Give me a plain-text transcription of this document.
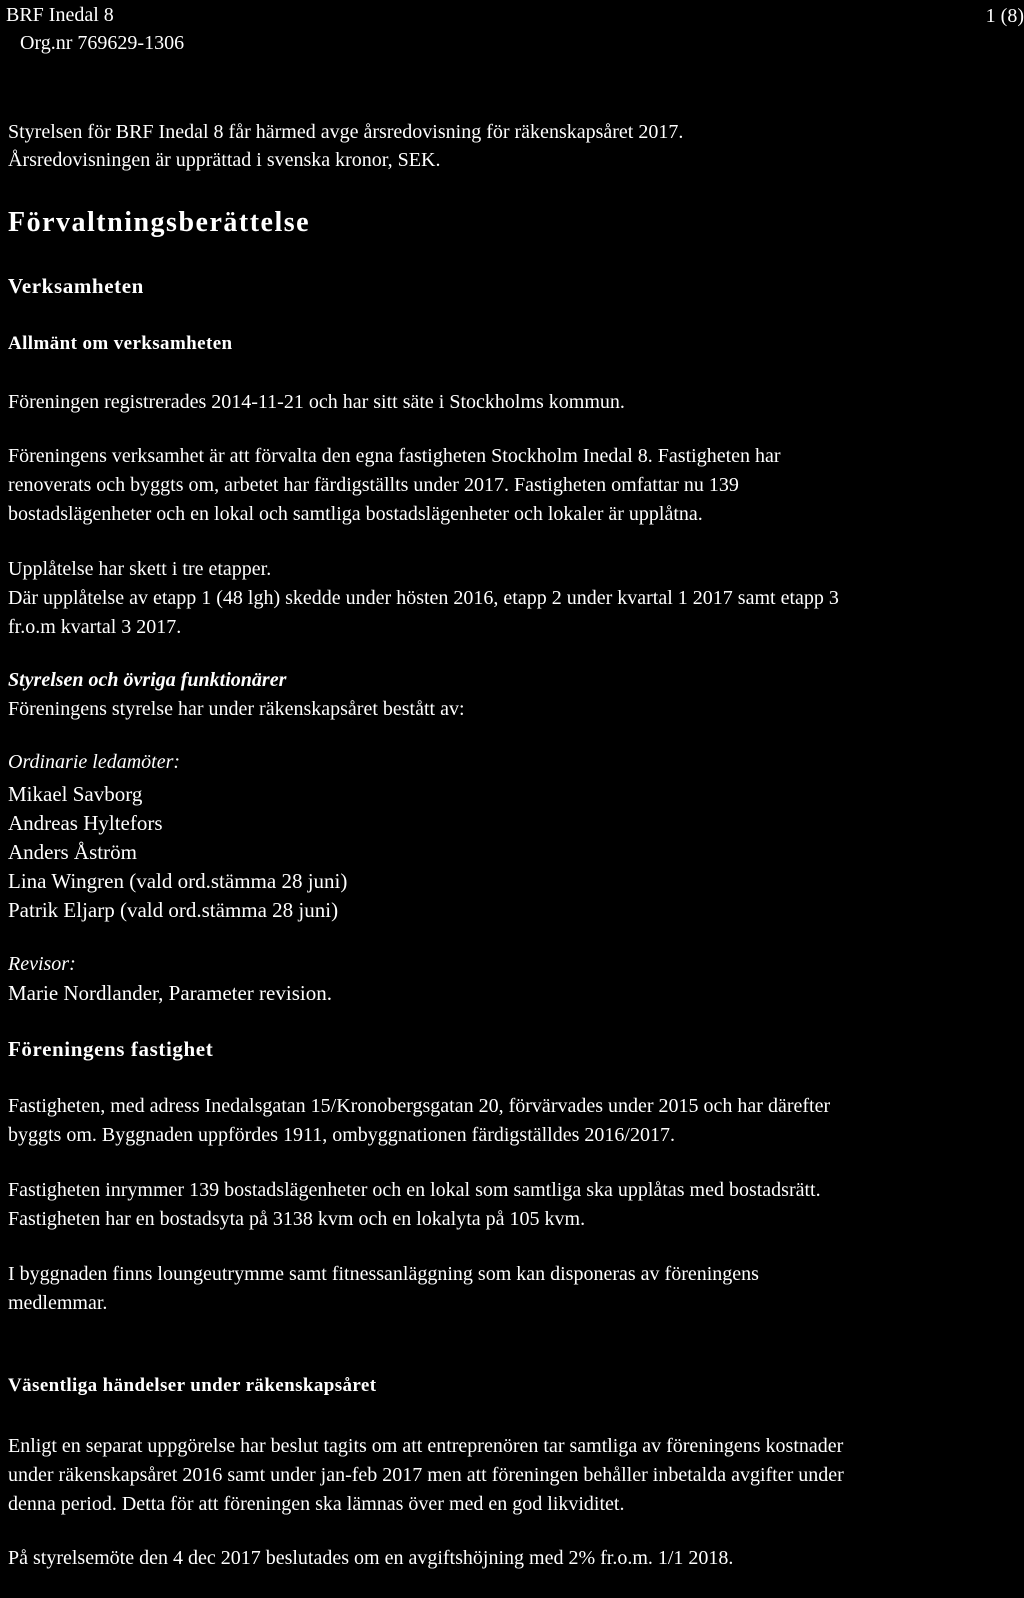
BRF Inedal 8
Org.nr 769629-1306
1 (8)
Styrelsen för BRF Inedal 8 får härmed avge årsredovisning för räkenskapsåret 2017.
Årsredovisningen är upprättad i svenska kronor, SEK.
Förvaltningsberättelse
Verksamheten
Allmänt om verksamheten
Föreningen registrerades 2014-11-21 och har sitt säte i Stockholms kommun.
Föreningens verksamhet är att förvalta den egna fastigheten Stockholm Inedal 8. Fastigheten har
renoverats och byggts om, arbetet har färdigställts under 2017. Fastigheten omfattar nu 139
bostadslägenheter och en lokal och samtliga bostadslägenheter och lokaler är upplåtna.
Upplåtelse har skett i tre etapper.
Där upplåtelse av etapp 1 (48 lgh) skedde under hösten 2016, etapp 2 under kvartal 1 2017 samt etapp 3
fr.o.m kvartal 3 2017.
Styrelsen och övriga funktionärer
Föreningens styrelse har under räkenskapsåret bestått av:
Ordinarie ledamöter:
Mikael Savborg
Andreas Hyltefors
Anders Åström
Lina Wingren (vald ord.stämma 28 juni)
Patrik Eljarp (vald ord.stämma 28 juni)
Revisor:
Marie Nordlander, Parameter revision.
Föreningens fastighet
Fastigheten, med adress Inedalsgatan 15/Kronobergsgatan 20, förvärvades under 2015 och har därefter
byggts om. Byggnaden uppfördes 1911, ombyggnationen färdigställdes 2016/2017.
Fastigheten inrymmer 139 bostadslägenheter och en lokal som samtliga ska upplåtas med bostadsrätt.
Fastigheten har en bostadsyta på 3138 kvm och en lokalyta på 105 kvm.
I byggnaden finns loungeutrymme samt fitnessanläggning som kan disponeras av föreningens
medlemmar.
Väsentliga händelser under räkenskapsåret
Enligt en separat uppgörelse har beslut tagits om att entreprenören tar samtliga av föreningens kostnader
under räkenskapsåret 2016 samt under jan-feb 2017 men att föreningen behåller inbetalda avgifter under
denna period. Detta för att föreningen ska lämnas över med en god likviditet.
På styrelsemöte den 4 dec 2017 beslutades om en avgiftshöjning med 2% fr.o.m. 1/1 2018.
